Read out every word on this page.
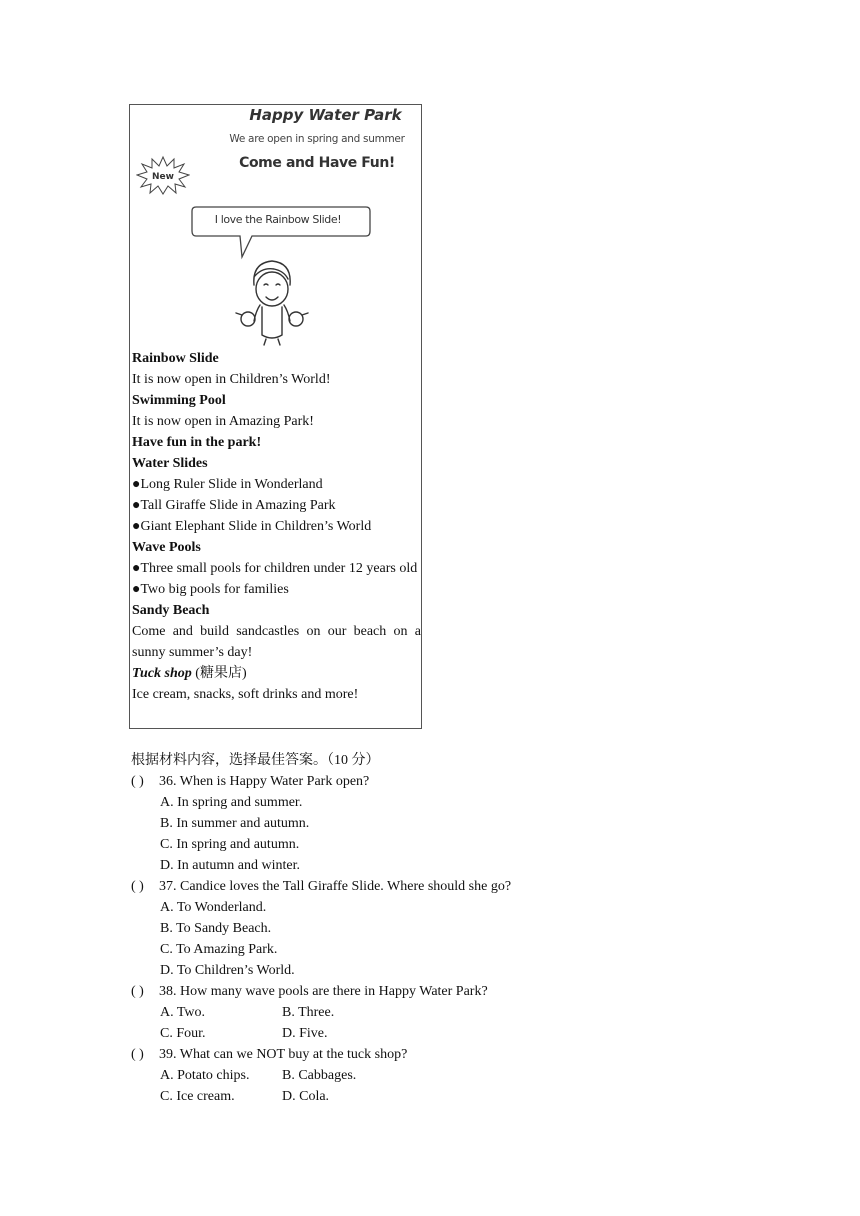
Happy Water Park
We are open in spring and summer
Come and Have Fun!
New
I love the Rainbow Slide!
Rainbow Slide
It is now open in Children’s World!
Swimming Pool
It is now open in Amazing Park!
Have fun in the park!
Water Slides
●Long Ruler Slide in Wonderland
●Tall Giraffe Slide in Amazing Park
●Giant Elephant Slide in Children’s World
Wave Pools
●Three small pools for children under 12 years old
●Two big pools for families
Sandy Beach
Come and build sandcastles on our beach on a sunny summer’s day!
Tuck shop (糖果店)
Ice cream, snacks, soft drinks and more!
根据材料内容，选择最佳答案。（10 分）
( ) 36. When is Happy Water Park open?
A. In spring and summer.
B. In summer and autumn.
C. In spring and autumn.
D. In autumn and winter.
( ) 37. Candice loves the Tall Giraffe Slide. Where should she go?
A. To Wonderland.
B. To Sandy Beach.
C. To Amazing Park.
D. To Children’s World.
( ) 38. How many wave pools are there in Happy Water Park?
A. Two.	B. Three.
C. Four.	D. Five.
( ) 39. What can we NOT buy at the tuck shop?
A. Potato chips. B. Cabbages.
C. Ice cream.	D. Cola.
